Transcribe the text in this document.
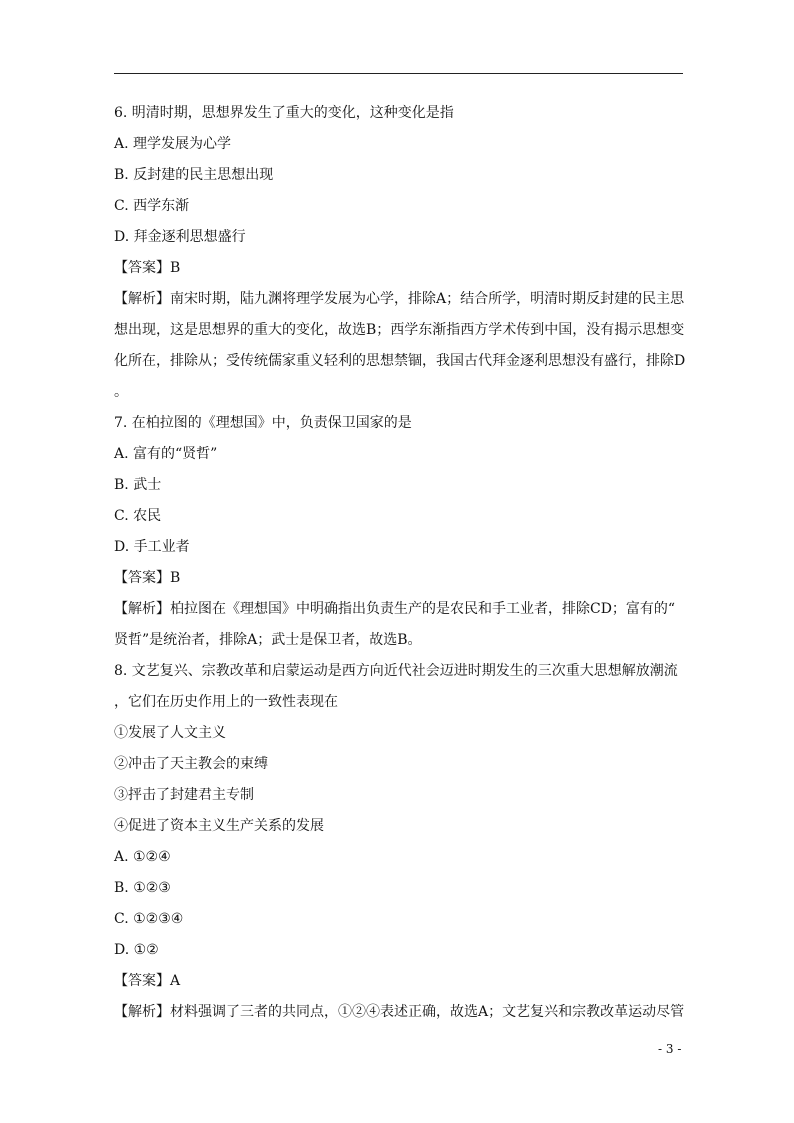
6. 明清时期，思想界发生了重大的变化，这种变化是指
A. 理学发展为心学
B. 反封建的民主思想出现
C. 西学东渐
D. 拜金逐利思想盛行
【答案】B
【解析】南宋时期，陆九渊将理学发展为心学，排除A；结合所学，明清时期反封建的民主思
想出现，这是思想界的重大的变化，故选B；西学东渐指西方学术传到中国，没有揭示思想变
化所在，排除从；受传统儒家重义轻利的思想禁锢，我国古代拜金逐利思想没有盛行，排除D
。
7. 在柏拉图的《理想国》中，负责保卫国家的是
A. 富有的“贤哲”
B. 武士
C. 农民
D. 手工业者
【答案】B
【解析】柏拉图在《理想国》中明确指出负责生产的是农民和手工业者，排除CD；富有的“
贤哲”是统治者，排除A；武士是保卫者，故选B。
8. 文艺复兴、宗教改革和启蒙运动是西方向近代社会迈进时期发生的三次重大思想解放潮流
，它们在历史作用上的一致性表现在
①发展了人文主义
②冲击了天主教会的束缚
③抨击了封建君主专制
④促进了资本主义生产关系的发展
A. ①②④
B. ①②③
C. ①②③④
D. ①②
【答案】A
【解析】材料强调了三者的共同点，①②④表述正确，故选A；文艺复兴和宗教改革运动尽管
- 3 -
